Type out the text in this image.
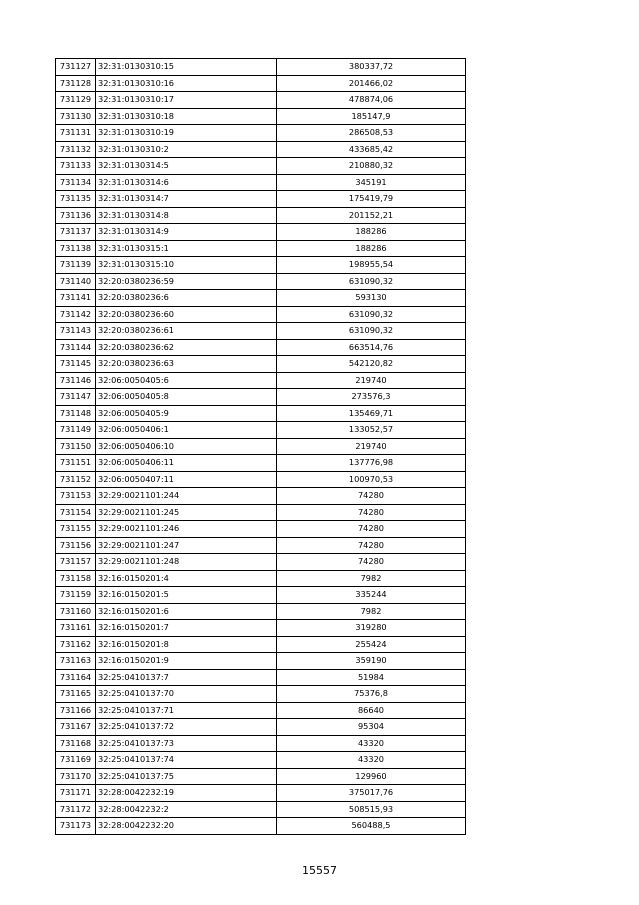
731127	32:31:0130310:15	380337,72
731128	32:31:0130310:16	201466,02
731129	32:31:0130310:17	478874,06
731130	32:31:0130310:18	185147,9
731131	32:31:0130310:19	286508,53
731132	32:31:0130310:2	433685,42
731133	32:31:0130314:5	210880,32
731134	32:31:0130314:6	345191
731135	32:31:0130314:7	175419,79
731136	32:31:0130314:8	201152,21
731137	32:31:0130314:9	188286
731138	32:31:0130315:1	188286
731139	32:31:0130315:10	198955,54
731140	32:20:0380236:59	631090,32
731141	32:20:0380236:6	593130
731142	32:20:0380236:60	631090,32
731143	32:20:0380236:61	631090,32
731144	32:20:0380236:62	663514,76
731145	32:20:0380236:63	542120,82
731146	32:06:0050405:6	219740
731147	32:06:0050405:8	273576,3
731148	32:06:0050405:9	135469,71
731149	32:06:0050406:1	133052,57
731150	32:06:0050406:10	219740
731151	32:06:0050406:11	137776,98
731152	32:06:0050407:11	100970,53
731153	32:29:0021101:244	74280
731154	32:29:0021101:245	74280
731155	32:29:0021101:246	74280
731156	32:29:0021101:247	74280
731157	32:29:0021101:248	74280
731158	32:16:0150201:4	7982
731159	32:16:0150201:5	335244
731160	32:16:0150201:6	7982
731161	32:16:0150201:7	319280
731162	32:16:0150201:8	255424
731163	32:16:0150201:9	359190
731164	32:25:0410137:7	51984
731165	32:25:0410137:70	75376,8
731166	32:25:0410137:71	86640
731167	32:25:0410137:72	95304
731168	32:25:0410137:73	43320
731169	32:25:0410137:74	43320
731170	32:25:0410137:75	129960
731171	32:28:0042232:19	375017,76
731172	32:28:0042232:2	508515,93
731173	32:28:0042232:20	560488,5
15557
